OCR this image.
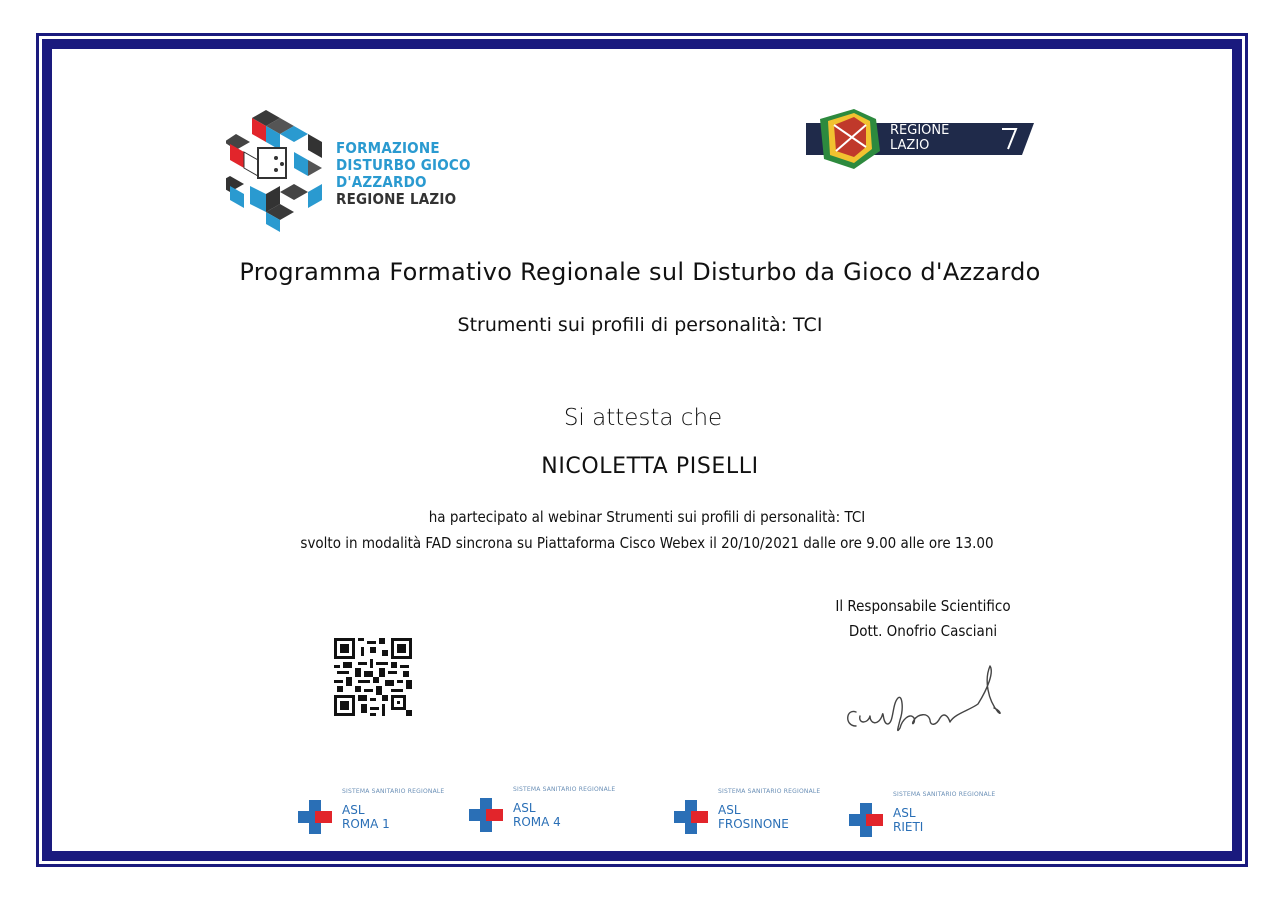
FORMAZIONE
DISTURBO GIOCO D'AZZARDO
REGIONE LAZIO
REGIONE
LAZIO
Programma Formativo Regionale sul Disturbo da Gioco d'Azzardo
Strumenti sui profili di personalità: TCI
Si attesta che
NICOLETTA PISELLI
ha partecipato al webinar Strumenti sui profili di personalità: TCI
svolto in modalità FAD sincrona su Piattaforma Cisco Webex il 20/10/2021 dalle ore 9.00 alle ore 13.00
Il Responsabile Scientifico
Dott. Onofrio Casciani
SISTEMA SANITARIO REGIONALE
ASL
ROMA 1
SISTEMA SANITARIO REGIONALE
ASL
ROMA 4
SISTEMA SANITARIO REGIONALE
ASL
FROSINONE
SISTEMA SANITARIO REGIONALE
ASL
RIETI
